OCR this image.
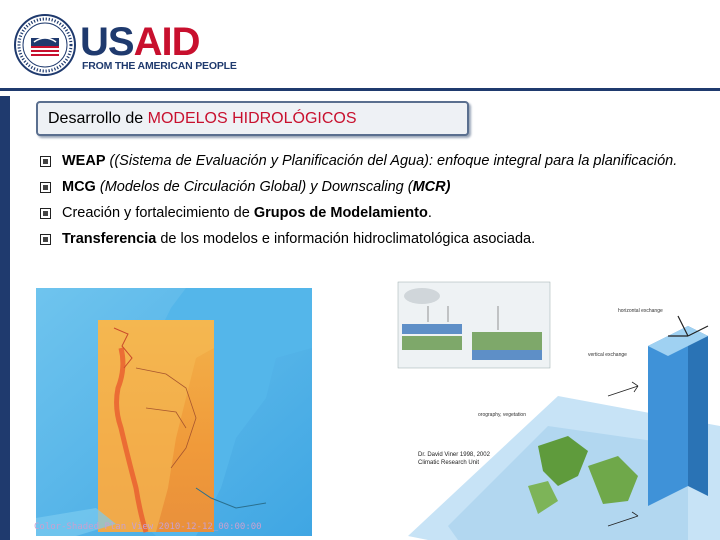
USAID
FROM THE AMERICAN PEOPLE
Desarrollo de MODELOS HIDROLÓGICOS
WEAP ((Sistema de Evaluación y Planificación del Agua): enfoque integral para la planificación.
MCG (Modelos de Circulación Global) y Downscaling (MCR)
Creación y fortalecimiento de Grupos de Modelamiento.
Transferencia de los modelos e información hidroclimatológica asociada.
Color-Shaded Plan View 2010-12-12_00:00:00
horizontal exchange
vertical exchange
orography, vegetation
Dr. David Viner 1998, 2002
Climatic Research Unit
